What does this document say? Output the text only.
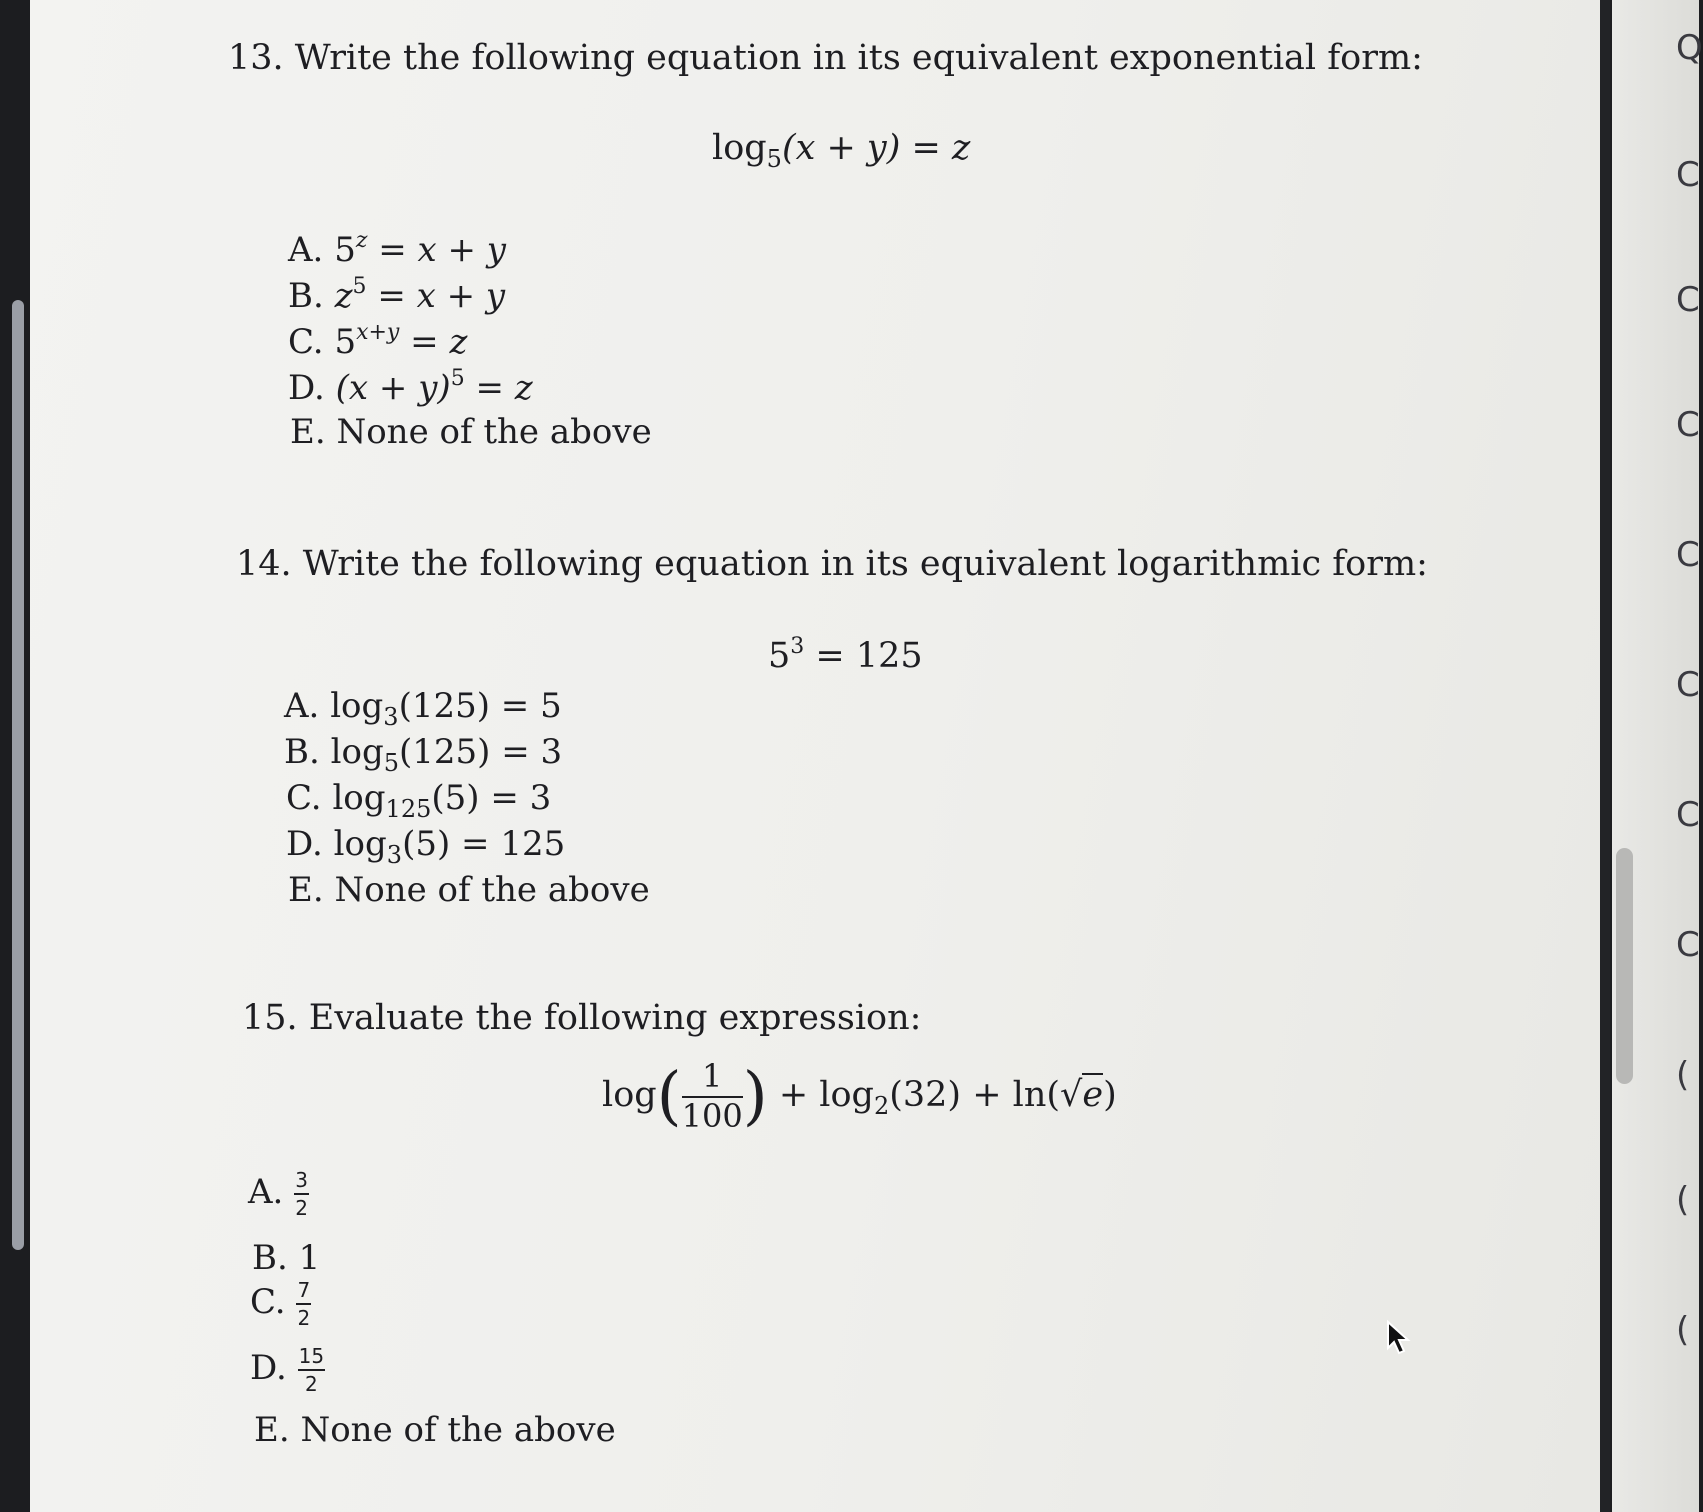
Q
C
C
C
C
C
C
C
(
(
(
13. Write the following equation in its equivalent exponential form:
$\log_5(x + y) = z$
A. $5^z = x + y$
B. $z^5 = x + y$
C. $5^{x+y} = z$
D. $(x + y)^5 = z$
E. None of the above
14. Write the following equation in its equivalent logarithmic form:
$5^3 = 125$
A. $\log_3(125) = 5$
B. $\log_5(125) = 3$
C. $\log_{125}(5) = 3$
D. $\log_3(5) = 125$
E. None of the above
15. Evaluate the following expression:
$\log( \frac{1}{100}$ ) + $\log_2(32) + \ln(√e)$
A. $\frac{3}{2}$
B. 1
C. $\frac{7}{2}$
D. $\frac{15}{2}$
E. None of the above
